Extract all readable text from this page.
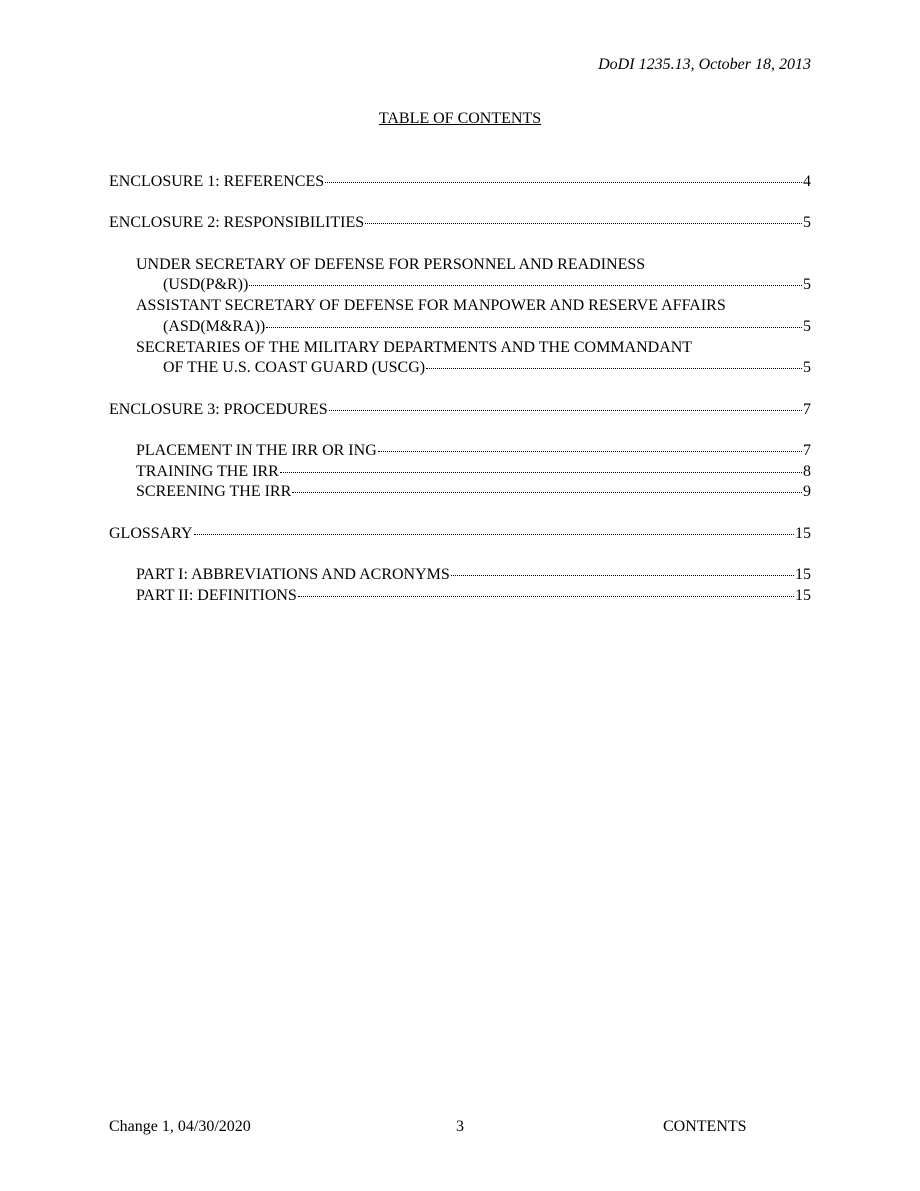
DoDI 1235.13, October 18, 2013
TABLE OF CONTENTS
ENCLOSURE 1: REFERENCES	4
ENCLOSURE 2: RESPONSIBILITIES	5
UNDER SECRETARY OF DEFENSE FOR PERSONNEL AND READINESS
(USD(P&R))	5
ASSISTANT SECRETARY OF DEFENSE FOR MANPOWER AND RESERVE AFFAIRS
(ASD(M&RA))	5
SECRETARIES OF THE MILITARY DEPARTMENTS AND THE COMMANDANT
OF THE U.S. COAST GUARD (USCG)	5
ENCLOSURE 3: PROCEDURES	7
PLACEMENT IN THE IRR OR ING	7
TRAINING THE IRR	8
SCREENING THE IRR	9
GLOSSARY	15
PART I: ABBREVIATIONS AND ACRONYMS	15
PART II: DEFINITIONS	15
Change 1, 04/30/2020	3	CONTENTS
